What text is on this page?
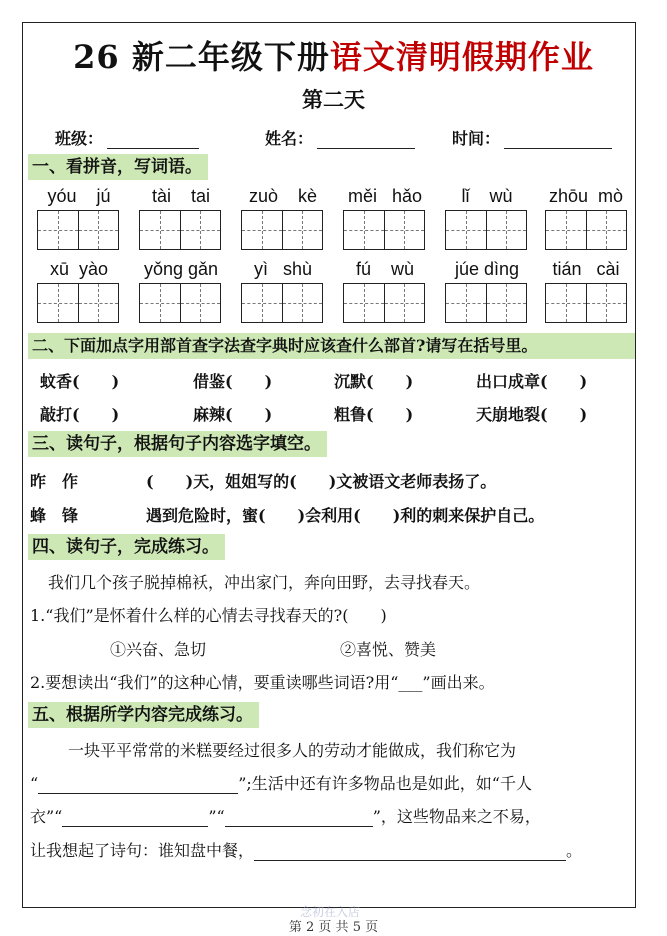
26 新二年级下册语文清明假期作业
第二天
班级：	姓名：	时间：
一、看拼音，写词语。
yóu jú	tài tai	zuò kè	měi hǎo	lǐ wù	zhōu mò
xū yào	yǒng gǎn	yì shù	fú wù	júe dìng	tián cài
二、下面加点字用部首查字法查字典时应该查什么部首?请写在括号里。
蚊香(　　)	借鉴(　　)	沉默(　　)	出口成章(　　)
敲打(　　)	麻辣(　　)	粗鲁(　　)	天崩地裂(　　)
三、读句子，根据句子内容选字填空。
昨　作	(　　)天，姐姐写的(　　)文被语文老师表扬了。
蜂　锋	遇到危险时，蜜(　　)会利用(　　)利的刺来保护自己。
四、读句子，完成练习。
我们几个孩子脱掉棉袄，冲出家门，奔向田野，去寻找春天。
1.“我们”是怀着什么样的心情去寻找春天的?(　　)
①兴奋、急切	②喜悦、赞美
2.要想读出“我们”的这种心情，要重读哪些词语?用“___”画出来。
五、根据所学内容完成练习。
一块平平常常的米糕要经过很多人的劳动才能做成，我们称它为
“	”;生活中还有许多物品也是如此，如“千人
衣”“	”“	”，这些物品来之不易，
让我想起了诗句：谁知盘中餐，	。
念初在入店
第 2 页 共 5 页
